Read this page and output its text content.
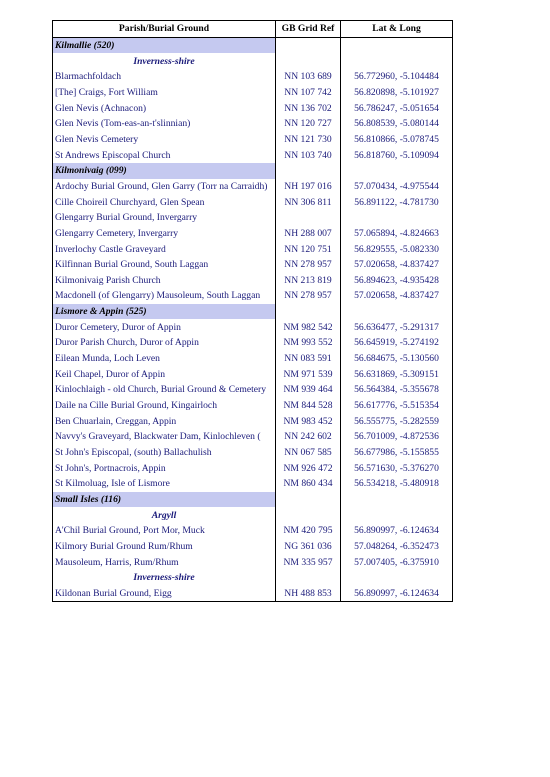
Parish/Burial Ground	GB Grid Ref	Lat & Long
Kilmallie (520)		
Inverness-shire		
Blarmachfoldach	NN 103 689	56.772960, -5.104484
[The] Craigs, Fort William	NN 107 742	56.820898, -5.101927
Glen Nevis (Achnacon)	NN 136 702	56.786247, -5.051654
Glen Nevis (Tom-eas-an-t'slinnian)	NN 120 727	56.808539, -5.080144
Glen Nevis Cemetery	NN 121 730	56.810866, -5.078745
St Andrews Episcopal Church	NN 103 740	56.818760, -5.109094
Kilmonivaig (099)		
Ardochy Burial Ground, Glen Garry (Torr na Carraidh)	NH 197 016	57.070434, -4.975544
Cille Choireil Churchyard, Glen Spean	NN 306 811	56.891122, -4.781730
Glengarry Burial Ground, Invergarry		
Glengarry Cemetery, Invergarry	NH 288 007	57.065894, -4.824663
Inverlochy Castle Graveyard	NN 120 751	56.829555, -5.082330
Kilfinnan Burial Ground, South Laggan	NN 278 957	57.020658, -4.837427
Kilmonivaig Parish Church	NN 213 819	56.894623, -4.935428
Macdonell (of Glengarry) Mausoleum, South Laggan	NN 278 957	57.020658, -4.837427
Lismore & Appin (525)		
Duror Cemetery, Duror of Appin	NM 982 542	56.636477, -5.291317
Duror Parish Church, Duror of Appin	NM 993 552	56.645919, -5.274192
Eilean Munda, Loch Leven	NN 083 591	56.684675, -5.130560
Keil Chapel, Duror of Appin	NM 971 539	56.631869, -5.309151
Kinlochlaigh - old Church, Burial Ground & Cemetery	NM 939 464	56.564384, -5.355678
Daile na Cille Burial Ground, Kingairloch	NM 844 528	56.617776, -5.515354
Ben Chuarlain, Creggan, Appin	NM 983 452	56.555775, -5.282559
Navvy's Graveyard, Blackwater Dam, Kinlochleven (	NN 242 602	56.701009, -4.872536
St John's Episcopal, (south) Ballachulish	NN 067 585	56.677986, -5.155855
St John's, Portnacrois, Appin	NM 926 472	56.571630, -5.376270
St Kilmoluag, Isle of Lismore	NM 860 434	56.534218, -5.480918
Small Isles (116)		
Argyll		
A'Chil Burial Ground, Port Mor, Muck	NM 420 795	56.890997, -6.124634
Kilmory Burial Ground Rum/Rhum	NG 361 036	57.048264, -6.352473
Mausoleum, Harris, Rum/Rhum	NM 335 957	57.007405, -6.375910
Inverness-shire		
Kildonan Burial Ground, Eigg	NH 488 853	56.890997, -6.124634
